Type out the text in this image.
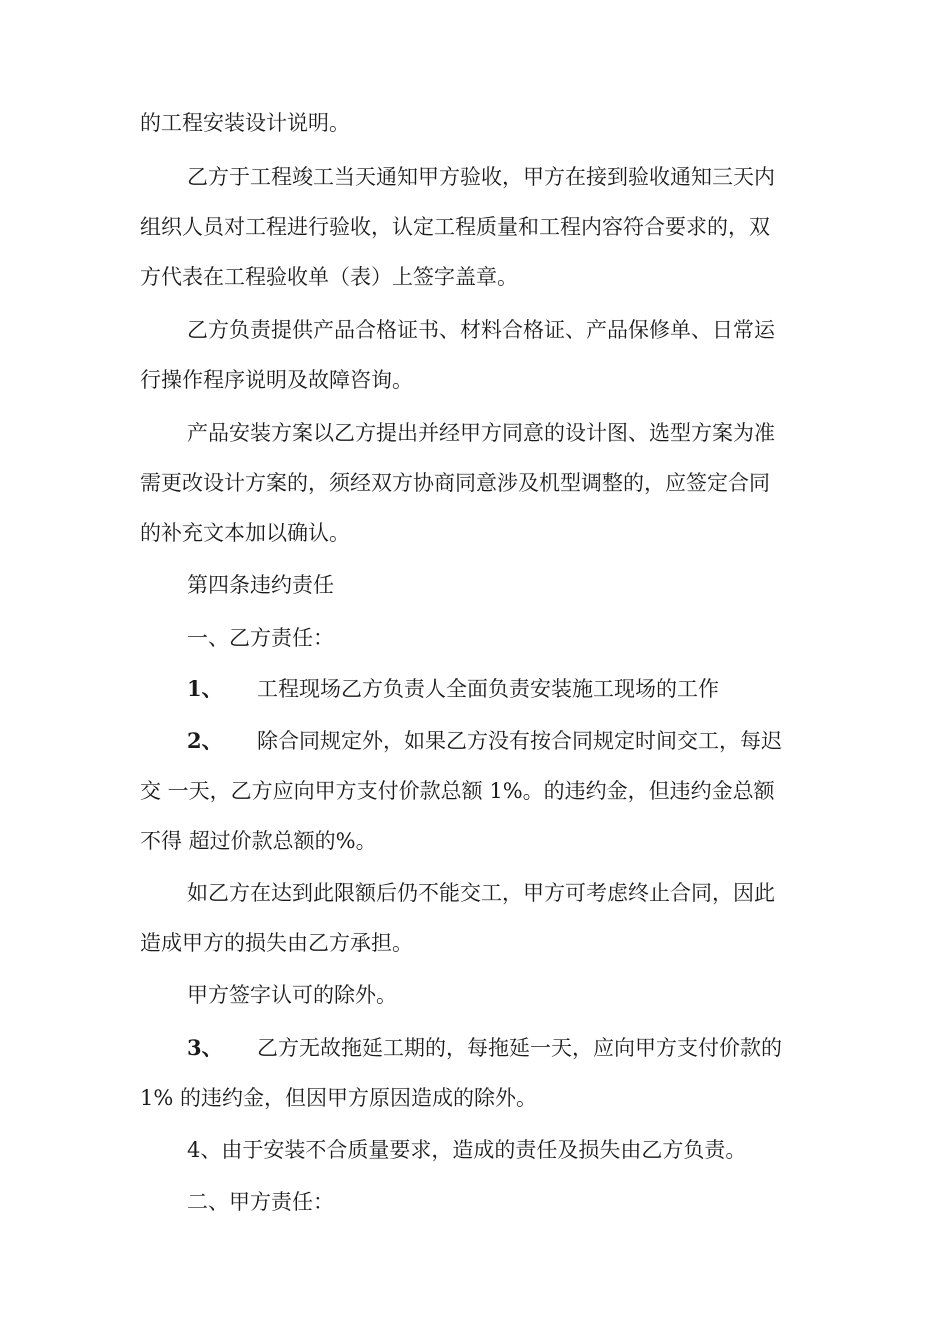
的工程安装设计说明。
乙方于工程竣工当天通知甲方验收，甲方在接到验收通知三天内
组织人员对工程进行验收，认定工程质量和工程内容符合要求的，双
方代表在工程验收单（表）上签字盖章。
乙方负责提供产品合格证书、材料合格证、产品保修单、日常运
行操作程序说明及故障咨询。
产品安装方案以乙方提出并经甲方同意的设计图、选型方案为准
需更改设计方案的，须经双方协商同意涉及机型调整的，应签定合同
的补充文本加以确认。
第四条违约责任
一、乙方责任：
1、 工程现场乙方负责人全面负责安装施工现场的工作
2、 除合同规定外，如果乙方没有按合同规定时间交工，每迟
交 一天，乙方应向甲方支付价款总额 1%。的违约金，但违约金总额
不得 超过价款总额的%。
如乙方在达到此限额后仍不能交工，甲方可考虑终止合同，因此
造成甲方的损失由乙方承担。
甲方签字认可的除外。
3、 乙方无故拖延工期的，每拖延一天，应向甲方支付价款的
1% 的违约金，但因甲方原因造成的除外。
4、由于安装不合质量要求，造成的责任及损失由乙方负责。
二、甲方责任：
